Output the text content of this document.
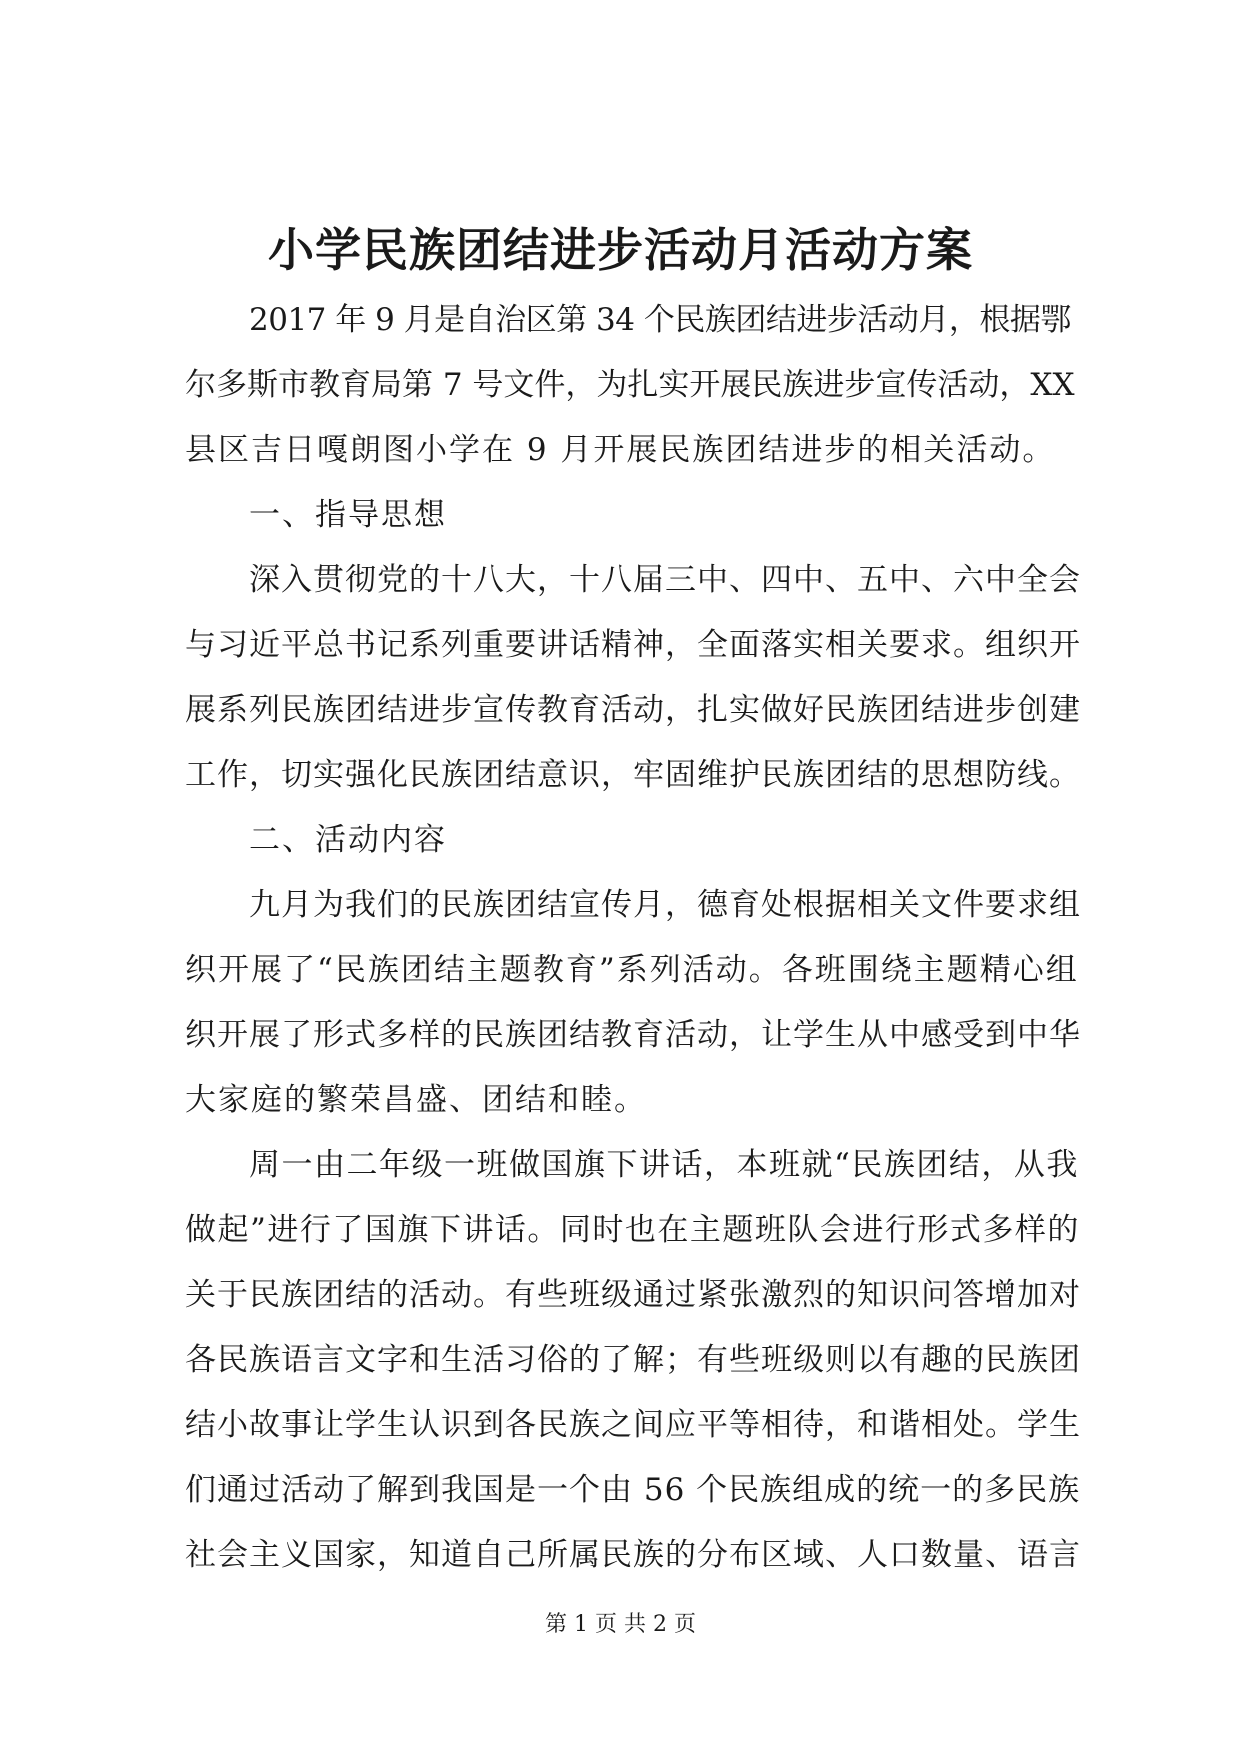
小学民族团结进步活动月活动方案
2017 年 9 月是自治区第 34 个民族团结进步活动月，根据鄂
尔多斯市教育局第 7 号文件，为扎实开展民族进步宣传活动，XX
县区吉日嘎朗图小学在 9 月开展民族团结进步的相关活动。
一、指导思想
深入贯彻党的十八大，十八届三中、四中、五中、六中全会
与习近平总书记系列重要讲话精神，全面落实相关要求。组织开
展系列民族团结进步宣传教育活动，扎实做好民族团结进步创建
工作，切实强化民族团结意识，牢固维护民族团结的思想防线。
二、活动内容
九月为我们的民族团结宣传月，德育处根据相关文件要求组
织开展了“民族团结主题教育”系列活动。各班围绕主题精心组
织开展了形式多样的民族团结教育活动，让学生从中感受到中华
大家庭的繁荣昌盛、团结和睦。
周一由二年级一班做国旗下讲话，本班就“民族团结，从我
做起”进行了国旗下讲话。同时也在主题班队会进行形式多样的
关于民族团结的活动。有些班级通过紧张激烈的知识问答增加对
各民族语言文字和生活习俗的了解；有些班级则以有趣的民族团
结小故事让学生认识到各民族之间应平等相待，和谐相处。学生
们通过活动了解到我国是一个由 56 个民族组成的统一的多民族
社会主义国家，知道自己所属民族的分布区域、人口数量、语言
第 1 页 共 2 页
